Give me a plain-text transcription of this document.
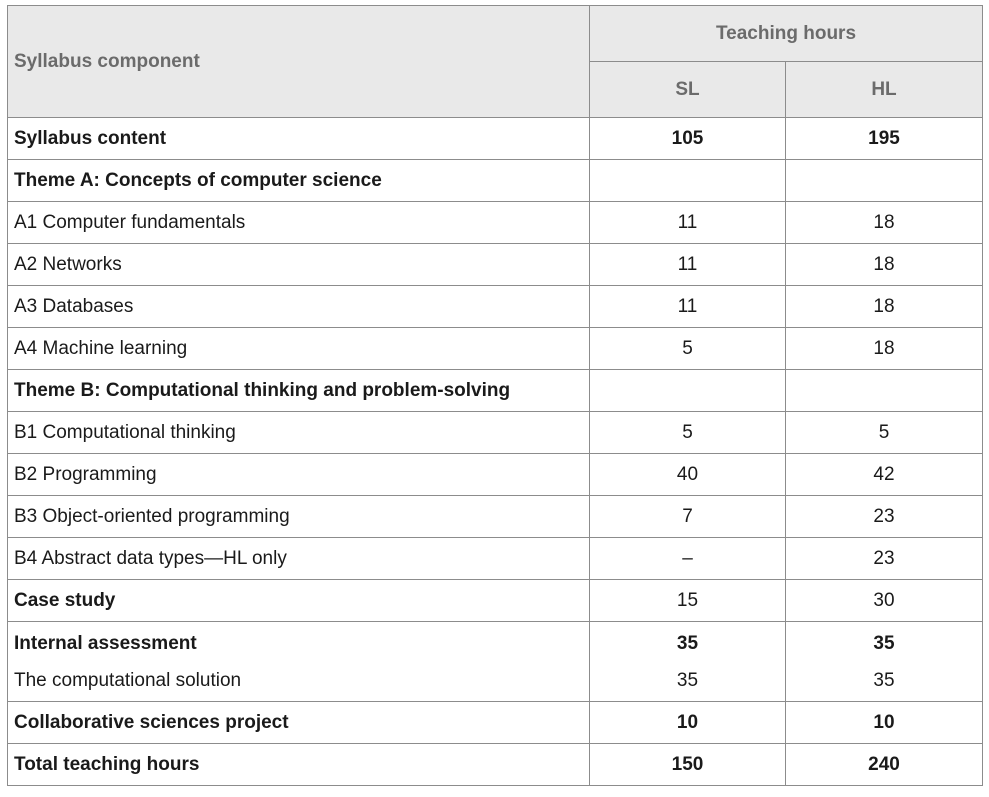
Syllabus component	Teaching hours	
	SL	HL
Syllabus content	105	195
Theme A: Concepts of computer science		
A1 Computer fundamentals	11	18
A2 Networks	11	18
A3 Databases	11	18
A4 Machine learning	5	18
Theme B: Computational thinking and problem-solving		
B1 Computational thinking	5	5
B2 Programming	40	42
B3 Object-oriented programming	7	23
B4 Abstract data types—HL only	–	23
Case study	15	30
Internal assessment	35	35
The computational solution	35	35
Collaborative sciences project	10	10
Total teaching hours	150	240
